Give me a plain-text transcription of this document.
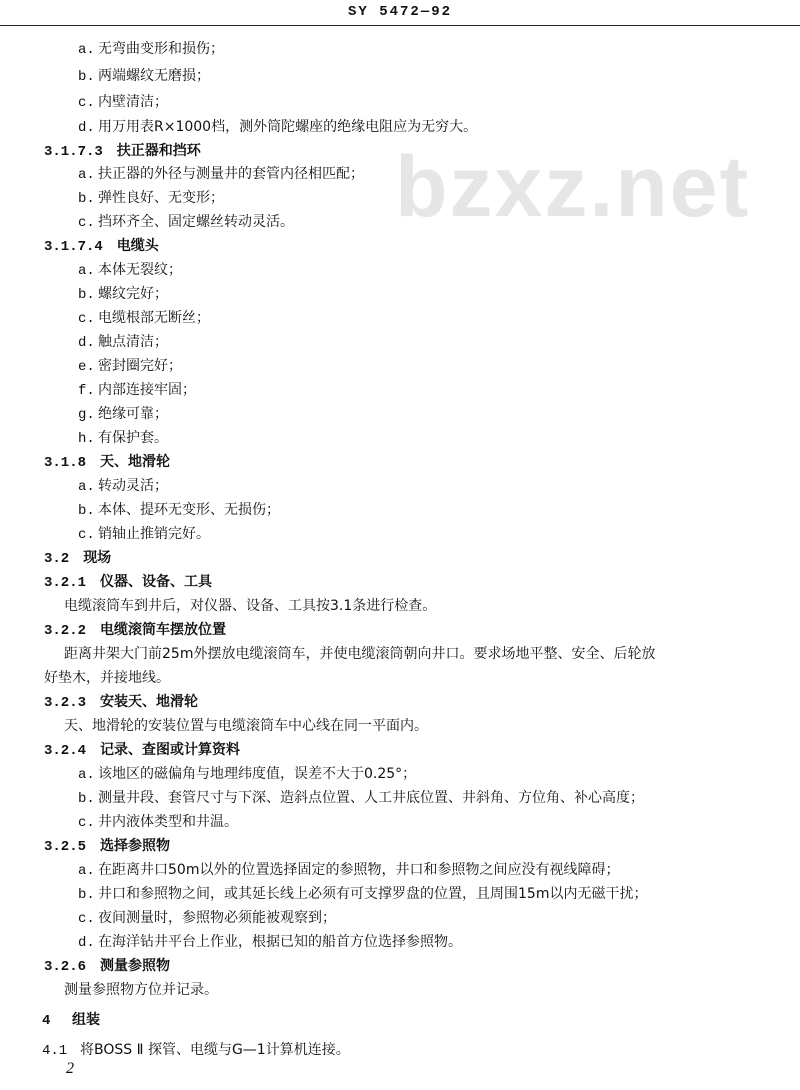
SY 5472—92
bzxz.net
a. 无弯曲变形和损伤；
b. 两端螺纹无磨损；
c. 内壁清洁；
d. 用万用表R×1000档，测外筒陀螺座的绝缘电阻应为无穷大。
3.1.7.3 扶正器和挡环
a. 扶正器的外径与测量井的套管内径相匹配；
b. 弹性良好、无变形；
c. 挡环齐全、固定螺丝转动灵活。
3.1.7.4 电缆头
a. 本体无裂纹；
b. 螺纹完好；
c. 电缆根部无断丝；
d. 触点清洁；
e. 密封圈完好；
f. 内部连接牢固；
g. 绝缘可靠；
h. 有保护套。
3.1.8 天、地滑轮
a. 转动灵活；
b. 本体、提环无变形、无损伤；
c. 销轴止推销完好。
3.2 现场
3.2.1 仪器、设备、工具
电缆滚筒车到井后，对仪器、设备、工具按3.1条进行检查。
3.2.2 电缆滚筒车摆放位置
距离井架大门前25m外摆放电缆滚筒车，并使电缆滚筒朝向井口。要求场地平整、安全、后轮放
好垫木，并接地线。
3.2.3 安装天、地滑轮
天、地滑轮的安装位置与电缆滚筒车中心线在同一平面内。
3.2.4 记录、查图或计算资料
a. 该地区的磁偏角与地理纬度值，误差不大于0.25°；
b. 测量井段、套管尺寸与下深、造斜点位置、人工井底位置、井斜角、方位角、补心高度；
c. 井内液体类型和井温。
3.2.5 选择参照物
a. 在距离井口50m以外的位置选择固定的参照物，井口和参照物之间应没有视线障碍；
b. 井口和参照物之间，或其延长线上必须有可支撑罗盘的位置，且周围15m以内无磁干扰；
c. 夜间测量时，参照物必须能被观察到；
d. 在海洋钻井平台上作业，根据已知的船首方位选择参照物。
3.2.6 测量参照物
测量参照物方位并记录。
4 组装
4.1 将BOSS Ⅱ 探管、电缆与G—1计算机连接。
2
